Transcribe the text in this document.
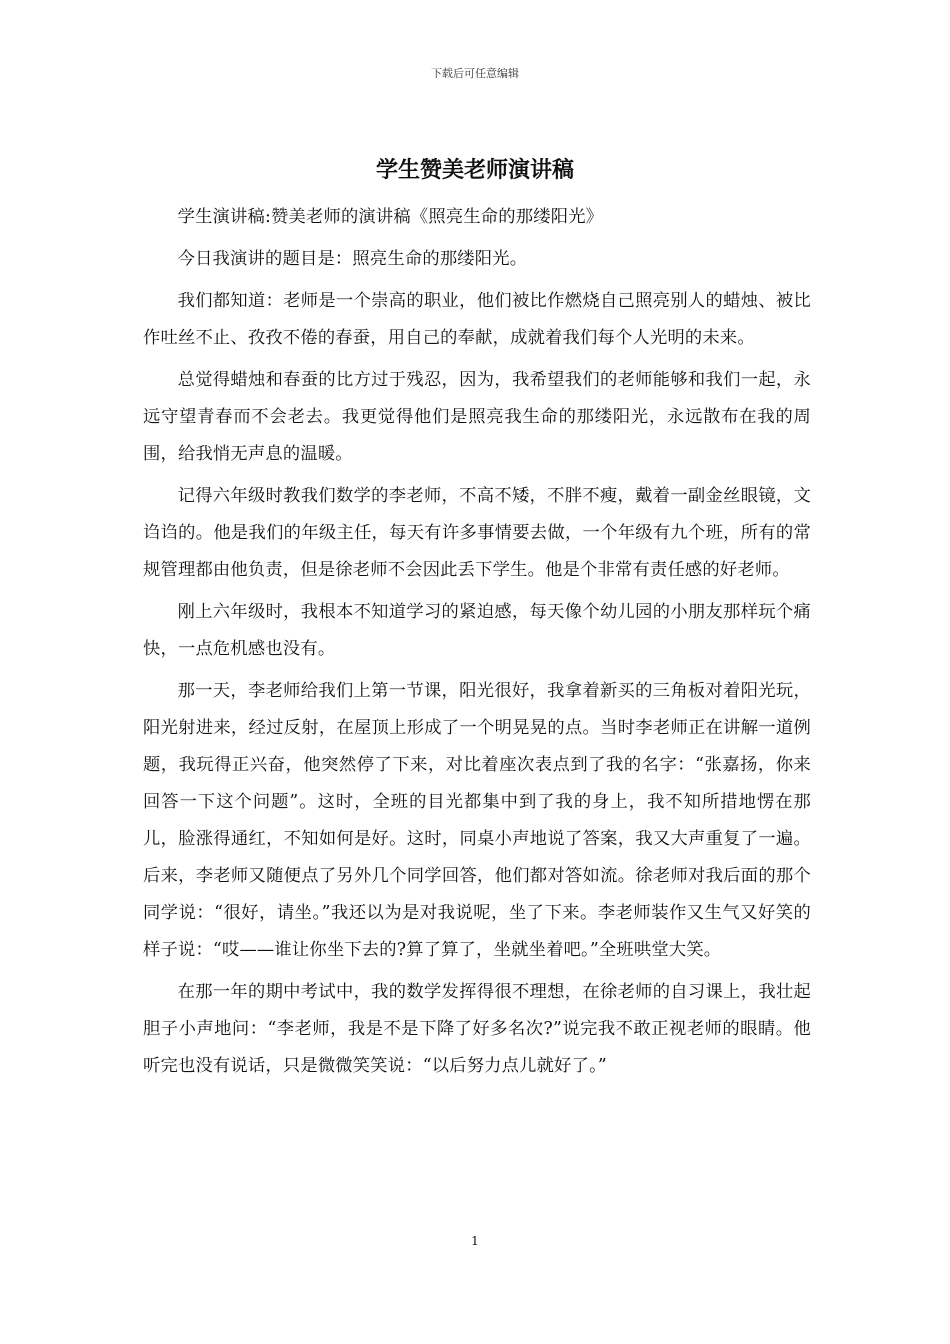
下载后可任意编辑
学生赞美老师演讲稿

学生演讲稿:赞美老师的演讲稿《照亮生命的那缕阳光》

今日我演讲的题目是：照亮生命的那缕阳光。

我们都知道：老师是一个崇高的职业，他们被比作燃烧自己照亮别人的蜡烛、被比作吐丝不止、孜孜不倦的春蚕，用自己的奉献，成就着我们每个人光明的未来。

总觉得蜡烛和春蚕的比方过于残忍，因为，我希望我们的老师能够和我们一起，永远守望青春而不会老去。我更觉得他们是照亮我生命的那缕阳光，永远散布在我的周围，给我悄无声息的温暖。

记得六年级时教我们数学的李老师，不高不矮，不胖不瘦，戴着一副金丝眼镜，文诌诌的。他是我们的年级主任，每天有许多事情要去做，一个年级有九个班，所有的常规管理都由他负责，但是徐老师不会因此丢下学生。他是个非常有责任感的好老师。

刚上六年级时，我根本不知道学习的紧迫感，每天像个幼儿园的小朋友那样玩个痛快，一点危机感也没有。

那一天，李老师给我们上第一节课，阳光很好，我拿着新买的三角板对着阳光玩，阳光射进来，经过反射，在屋顶上形成了一个明晃晃的点。当时李老师正在讲解一道例题，我玩得正兴奋，他突然停了下来，对比着座次表点到了我的名字：“张嘉扬，你来回答一下这个问题”。这时，全班的目光都集中到了我的身上，我不知所措地愣在那儿，脸涨得通红，不知如何是好。这时，同桌小声地说了答案，我又大声重复了一遍。后来，李老师又随便点了另外几个同学回答，他们都对答如流。徐老师对我后面的那个同学说：“很好，请坐。”我还以为是对我说呢，坐了下来。李老师装作又生气又好笑的样子说：“哎——谁让你坐下去的?算了算了，坐就坐着吧。”全班哄堂大笑。

在那一年的期中考试中，我的数学发挥得很不理想，在徐老师的自习课上，我壮起胆子小声地问：“李老师，我是不是下降了好多名次?”说完我不敢正视老师的眼睛。他听完也没有说话，只是微微笑笑说：“以后努力点儿就好了。”

1
